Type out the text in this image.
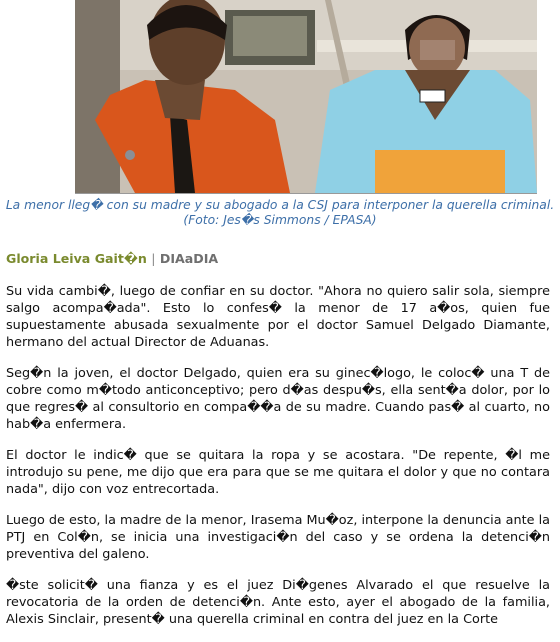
La menor lleg� con su madre y su abogado a la CSJ para interponer la querella criminal.
(Foto: Jes�s Simmons / EPASA)
Gloria Leiva Gait�n | DIAaDIA

Su vida cambi�, luego de confiar en su doctor. "Ahora no quiero salir sola, siempre salgo acompa�ada". Esto lo confes� la menor de 17 a�os, quien fue supuestamente abusada sexualmente por el doctor Samuel Delgado Diamante, hermano del actual Director de Aduanas.

Seg�n la joven, el doctor Delgado, quien era su ginec�logo, le coloc� una T de cobre como m�todo anticonceptivo; pero d�as despu�s, ella sent�a dolor, por lo que regres� al consultorio en compa��a de su madre. Cuando pas� al cuarto, no hab�a enfermera.

El doctor le indic� que se quitara la ropa y se acostara. "De repente, �l me introdujo su pene, me dijo que era para que se me quitara el dolor y que no contara nada", dijo con voz entrecortada.

Luego de esto, la madre de la menor, Irasema Mu�oz, interpone la denuncia ante la PTJ en Col�n, se inicia una investigaci�n del caso y se ordena la detenci�n preventiva del galeno.

�ste solicit� una fianza y es el juez Di�genes Alvarado el que resuelve la revocatoria de la orden de detenci�n. Ante esto, ayer el abogado de la familia, Alexis Sinclair, present� una querella criminal en contra del juez en la Corte
